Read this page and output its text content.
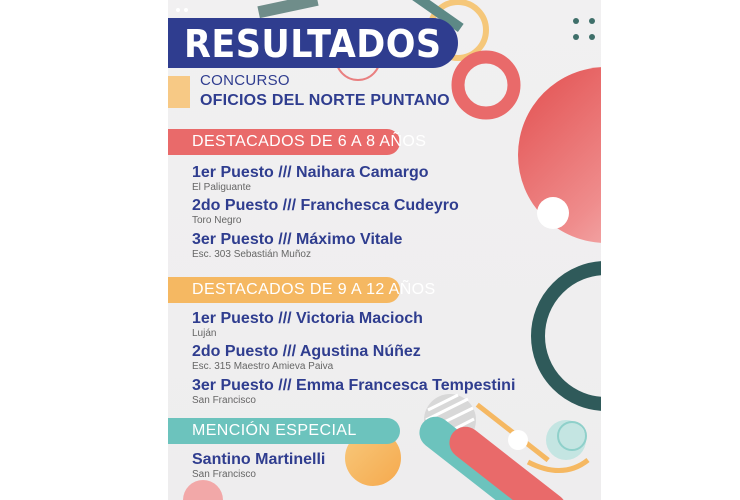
RESULTADOS
CONCURSO
OFICIOS DEL NORTE PUNTANO
DESTACADOS DE 6 A 8 AÑOS
1er Puesto /// Naihara Camargo
El Paliguante
2do Puesto /// Franchesca Cudeyro
Toro Negro
3er Puesto /// Máximo Vitale
Esc. 303 Sebastián Muñoz
DESTACADOS DE 9 A 12 AÑOS
1er Puesto /// Victoria Macioch
Luján
2do Puesto /// Agustina Núñez
Esc. 315 Maestro Amieva Paiva
3er Puesto /// Emma Francesca Tempestini
San Francisco
MENCIÓN ESPECIAL
Santino Martinelli
San Francisco
